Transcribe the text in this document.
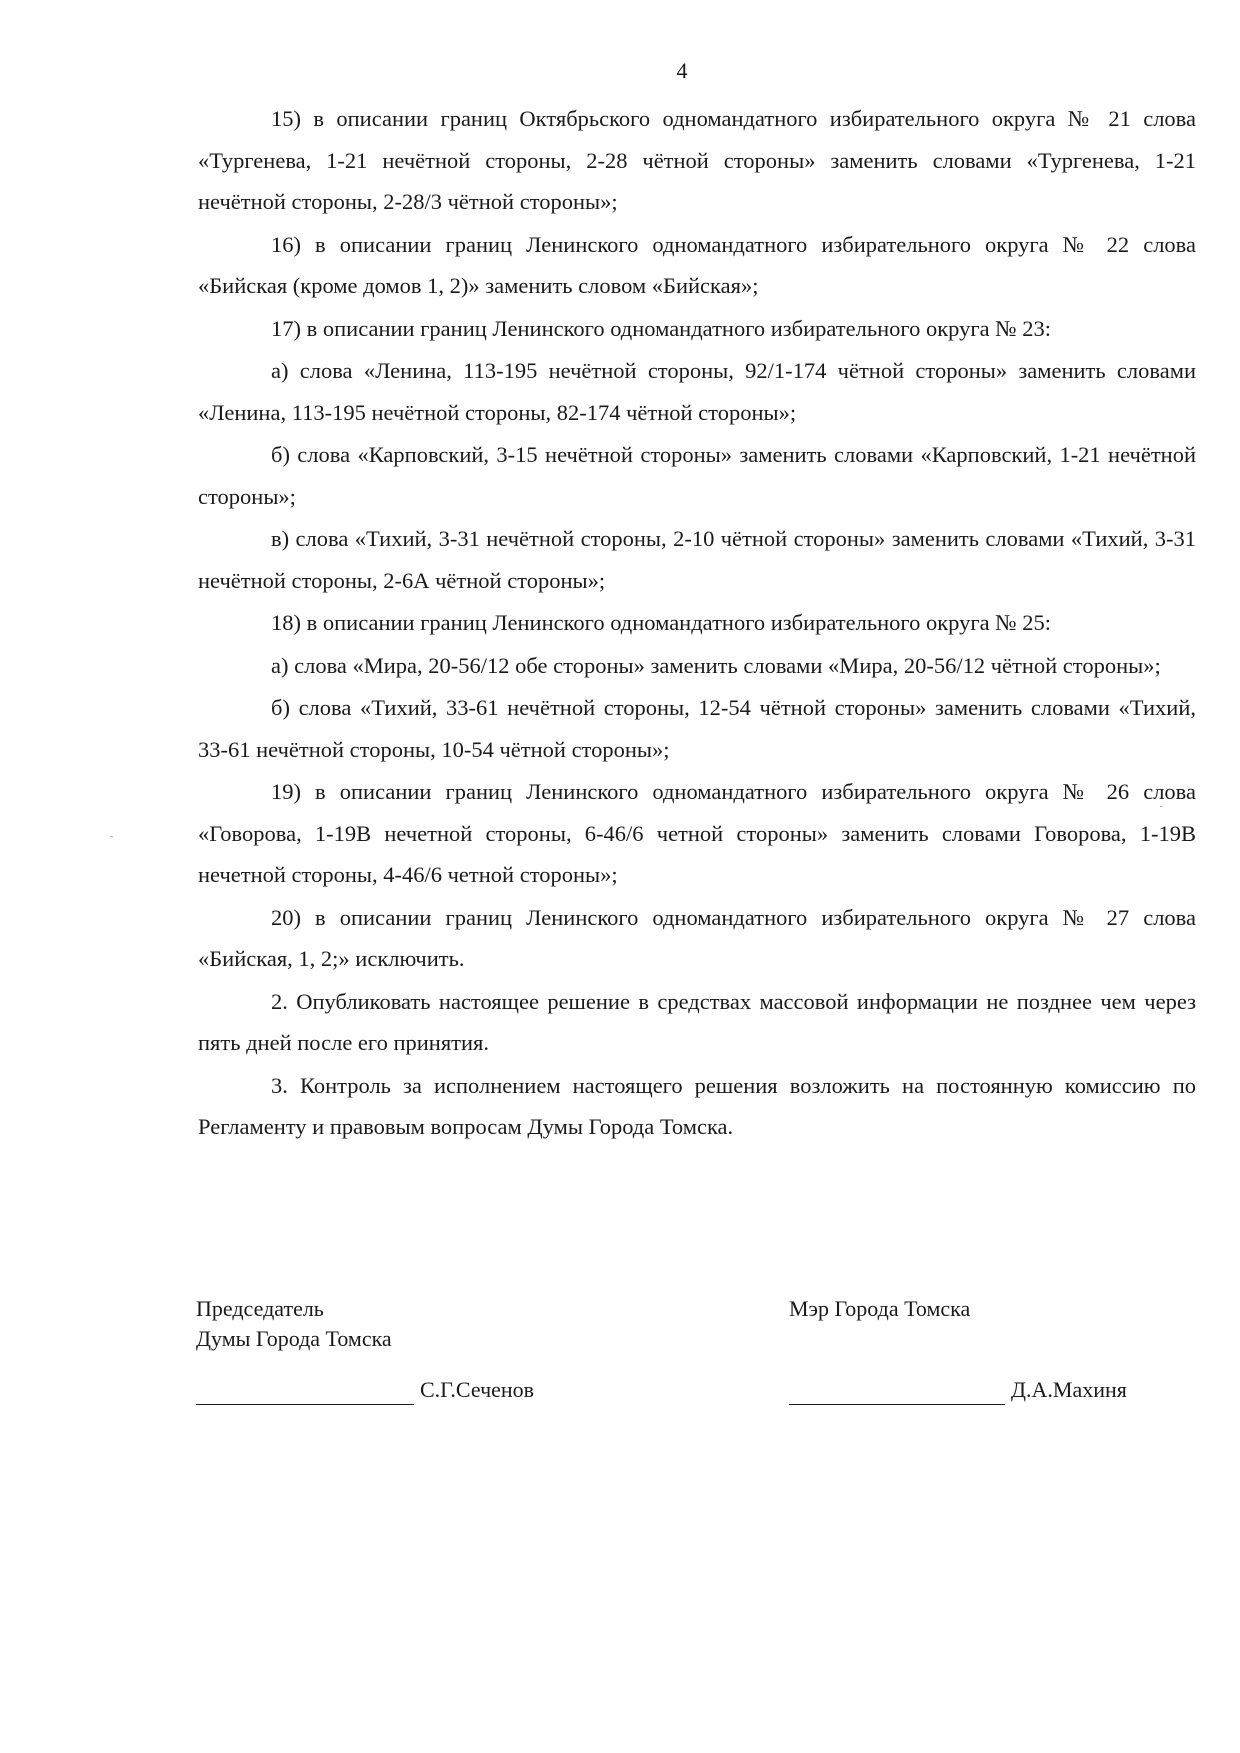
4

15) в описании границ Октябрьского одномандатного избирательного округа № 21 слова «Тургенева, 1-21 нечётной стороны, 2-28 чётной стороны» заменить словами «Тургенева, 1-21 нечётной стороны, 2-28/3 чётной стороны»;

16) в описании границ Ленинского одномандатного избирательного округа № 22 слова «Бийская (кроме домов 1, 2)» заменить словом «Бийская»;

17) в описании границ Ленинского одномандатного избирательного округа № 23:

а) слова «Ленина, 113-195 нечётной стороны, 92/1-174 чётной стороны» заменить словами «Ленина, 113-195 нечётной стороны, 82-174 чётной стороны»;

б) слова «Карповский, 3-15 нечётной стороны» заменить словами «Карповский, 1-21 нечётной стороны»;

в) слова «Тихий, 3-31 нечётной стороны, 2-10 чётной стороны» заменить словами «Тихий, 3-31 нечётной стороны, 2-6А чётной стороны»;

18) в описании границ Ленинского одномандатного избирательного округа № 25:

а) слова «Мира, 20-56/12 обе стороны» заменить словами «Мира, 20-56/12 чётной стороны»;

б) слова «Тихий, 33-61 нечётной стороны, 12-54 чётной стороны» заменить словами «Тихий, 33-61 нечётной стороны, 10-54 чётной стороны»;

19) в описании границ Ленинского одномандатного избирательного округа № 26 слова «Говорова, 1-19В нечетной стороны, 6-46/6 четной стороны» заменить словами Говорова, 1-19В нечетной стороны, 4-46/6 четной стороны»;

20) в описании границ Ленинского одномандатного избирательного округа № 27 слова «Бийская, 1, 2;» исключить.

2. Опубликовать настоящее решение в средствах массовой информации не позднее чем через пять дней после его принятия.

3. Контроль за исполнением настоящего решения возложить на постоянную комиссию по Регламенту и правовым вопросам Думы Города Томска.

Председатель
Думы Города Томска
Мэр Города Томска
С.Г.Сеченов	Д.А.Махиня
